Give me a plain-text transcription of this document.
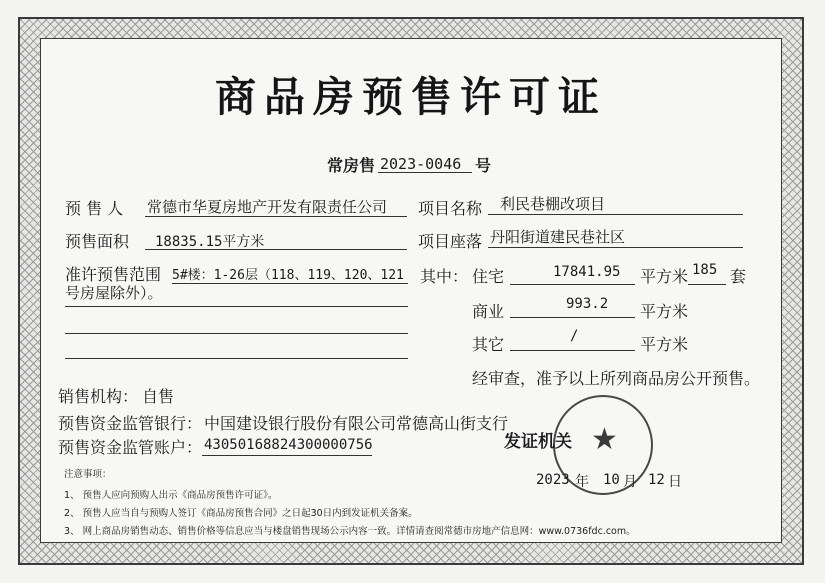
商品房预售许可证
常房售 2023-0046 号
预 售 人 常德市华夏房地产开发有限责任公司 项目名称 利民巷棚改项目
预售面积 18835.15平方米	项目座落 丹阳街道建民巷社区
准许预售范围 5#楼：1-26层（118、119、120、121
号房屋除外）。
其中： 住宅	17841.95 平方米 185 套
商业	993.2 平方米
其它	/	平方米
经审查，准予以上所列商品房公开预售。
销售机构： 自售
预售资金监管银行： 中国建设银行股份有限公司常德高山街支行
预售资金监管账户： 43050168824300000756	★
发证机关
2023 年 10 月 12 日
注意事项：
1、 预售人应向预购人出示《商品房预售许可证》。
2、 预售人应当自与预购人签订《商品房预售合同》之日起30日内到发证机关备案。
3、 网上商品房销售动态、销售价格等信息应当与楼盘销售现场公示内容一致。详情请查阅常德市房地产信息网：www.0736fdc.com。
